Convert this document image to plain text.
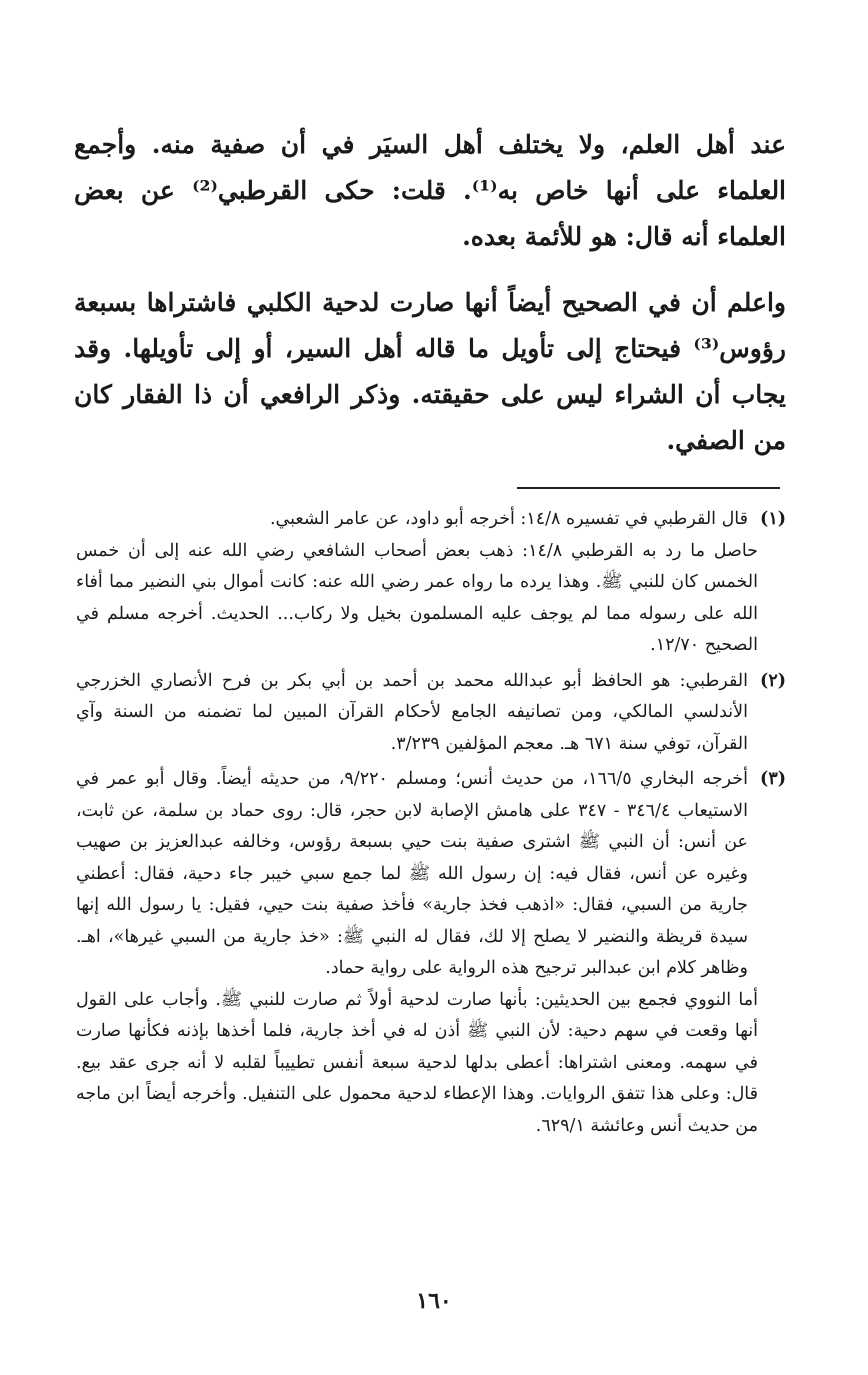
عند أهل العلم، ولا يختلف أهل السيَر في أن صفية منه. وأجمع العلماء على أنها خاص به⁽¹⁾. قلت: حكى القرطبي⁽²⁾ عن بعض العلماء أنه قال: هو للأئمة بعده.

واعلم أن في الصحيح أيضاً أنها صارت لدحية الكلبي فاشتراها بسبعة رؤوس⁽³⁾ فيحتاج إلى تأويل ما قاله أهل السير، أو إلى تأويلها. وقد يجاب أن الشراء ليس على حقيقته. وذكر الرافعي أن ذا الفقار كان من الصفي.

(١)

قال القرطبي في تفسيره ١٤/٨: أخرجه أبو داود، عن عامر الشعبي.

حاصل ما رد به القرطبي ١٤/٨: ذهب بعض أصحاب الشافعي رضي الله عنه إلى أن خمس الخمس كان للنبي ﷺ. وهذا يرده ما رواه عمر رضي الله عنه: كانت أموال بني النضير مما أفاء الله على رسوله مما لم يوجف عليه المسلمون بخيل ولا ركاب... الحديث. أخرجه مسلم في الصحيح ١٢/٧٠.

(٢)

القرطبي: هو الحافظ أبو عبدالله محمد بن أحمد بن أبي بكر بن فرح الأنصاري الخزرجي الأندلسي المالكي، ومن تصانيفه الجامع لأحكام القرآن المبين لما تضمنه من السنة وآي القرآن، توفي سنة ٦٧١ هـ. معجم المؤلفين ٣/٢٣٩.

(٣)

أخرجه البخاري ١٦٦/٥، من حديث أنس؛ ومسلم ٩/٢٢٠، من حديثه أيضاً. وقال أبو عمر في الاستيعاب ٣٤٦/٤ - ٣٤٧ على هامش الإصابة لابن حجر، قال: روى حماد بن سلمة، عن ثابت، عن أنس: أن النبي ﷺ اشترى صفية بنت حيي بسبعة رؤوس، وخالفه عبدالعزيز بن صهيب وغيره عن أنس، فقال فيه: إن رسول الله ﷺ لما جمع سبي خيبر جاء دحية، فقال: أعطني جارية من السبي، فقال: «اذهب فخذ جارية» فأخذ صفية بنت حيي، فقيل: يا رسول الله إنها سيدة قريظة والنضير لا يصلح إلا لك، فقال له النبي ﷺ: «خذ جارية من السبي غيرها»، اهـ. وظاهر كلام ابن عبدالبر ترجيح هذه الرواية على رواية حماد.

أما النووي فجمع بين الحديثين: بأنها صارت لدحية أولاً ثم صارت للنبي ﷺ. وأجاب على القول أنها وقعت في سهم دحية: لأن النبي ﷺ أذن له في أخذ جارية، فلما أخذها بإذنه فكأنها صارت في سهمه. ومعنى اشتراها: أعطى بدلها لدحية سبعة أنفس تطييباً لقلبه لا أنه جرى عقد بيع. قال: وعلى هذا تتفق الروايات. وهذا الإعطاء لدحية محمول على التنفيل. وأخرجه أيضاً ابن ماجه من حديث أنس وعائشة ٦٢٩/١.

١٦٠
